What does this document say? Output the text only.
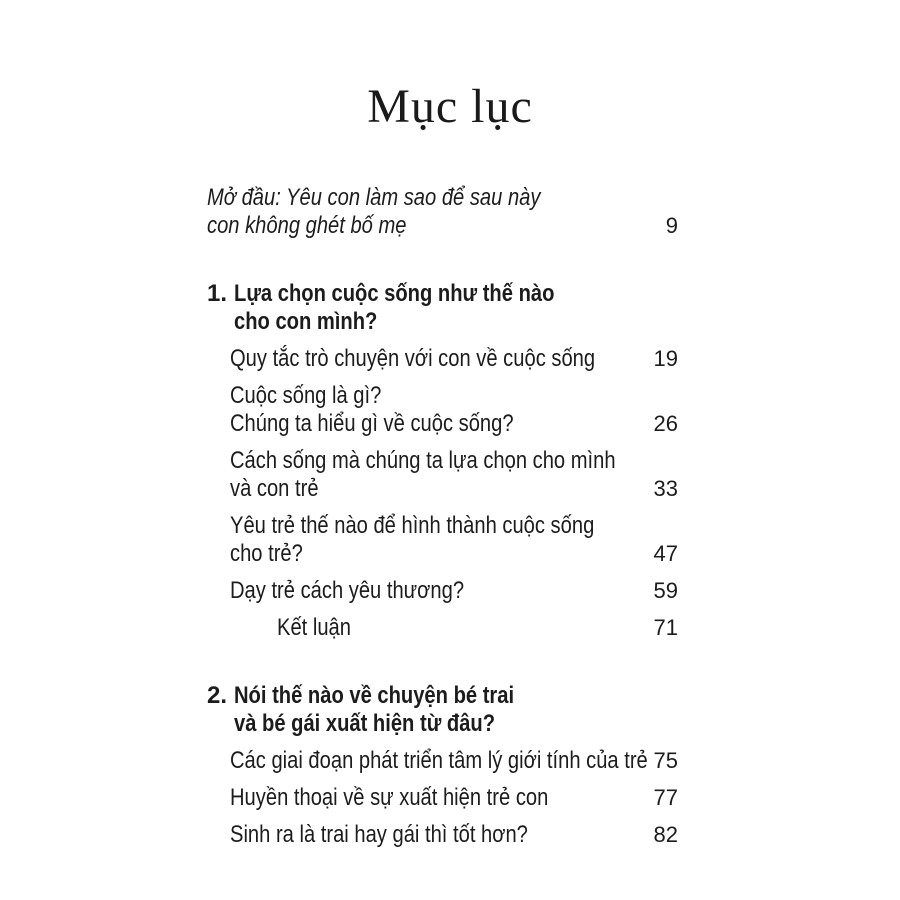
Mục lục
Mở đầu: Yêu con làm sao để sau này
con không ghét bố mẹ	9
1. Lựa chọn cuộc sống như thế nào
cho con mình?
Quy tắc trò chuyện với con về cuộc sống	19
Cuộc sống là gì?
Chúng ta hiểu gì về cuộc sống?	26
Cách sống mà chúng ta lựa chọn cho mình
và con trẻ	33
Yêu trẻ thế nào để hình thành cuộc sống
cho trẻ?	47
Dạy trẻ cách yêu thương?	59
Kết luận	71
2. Nói thế nào về chuyện bé trai
và bé gái xuất hiện từ đâu?
Các giai đoạn phát triển tâm lý giới tính của trẻ 75
Huyền thoại về sự xuất hiện trẻ con	77
Sinh ra là trai hay gái thì tốt hơn?	82
